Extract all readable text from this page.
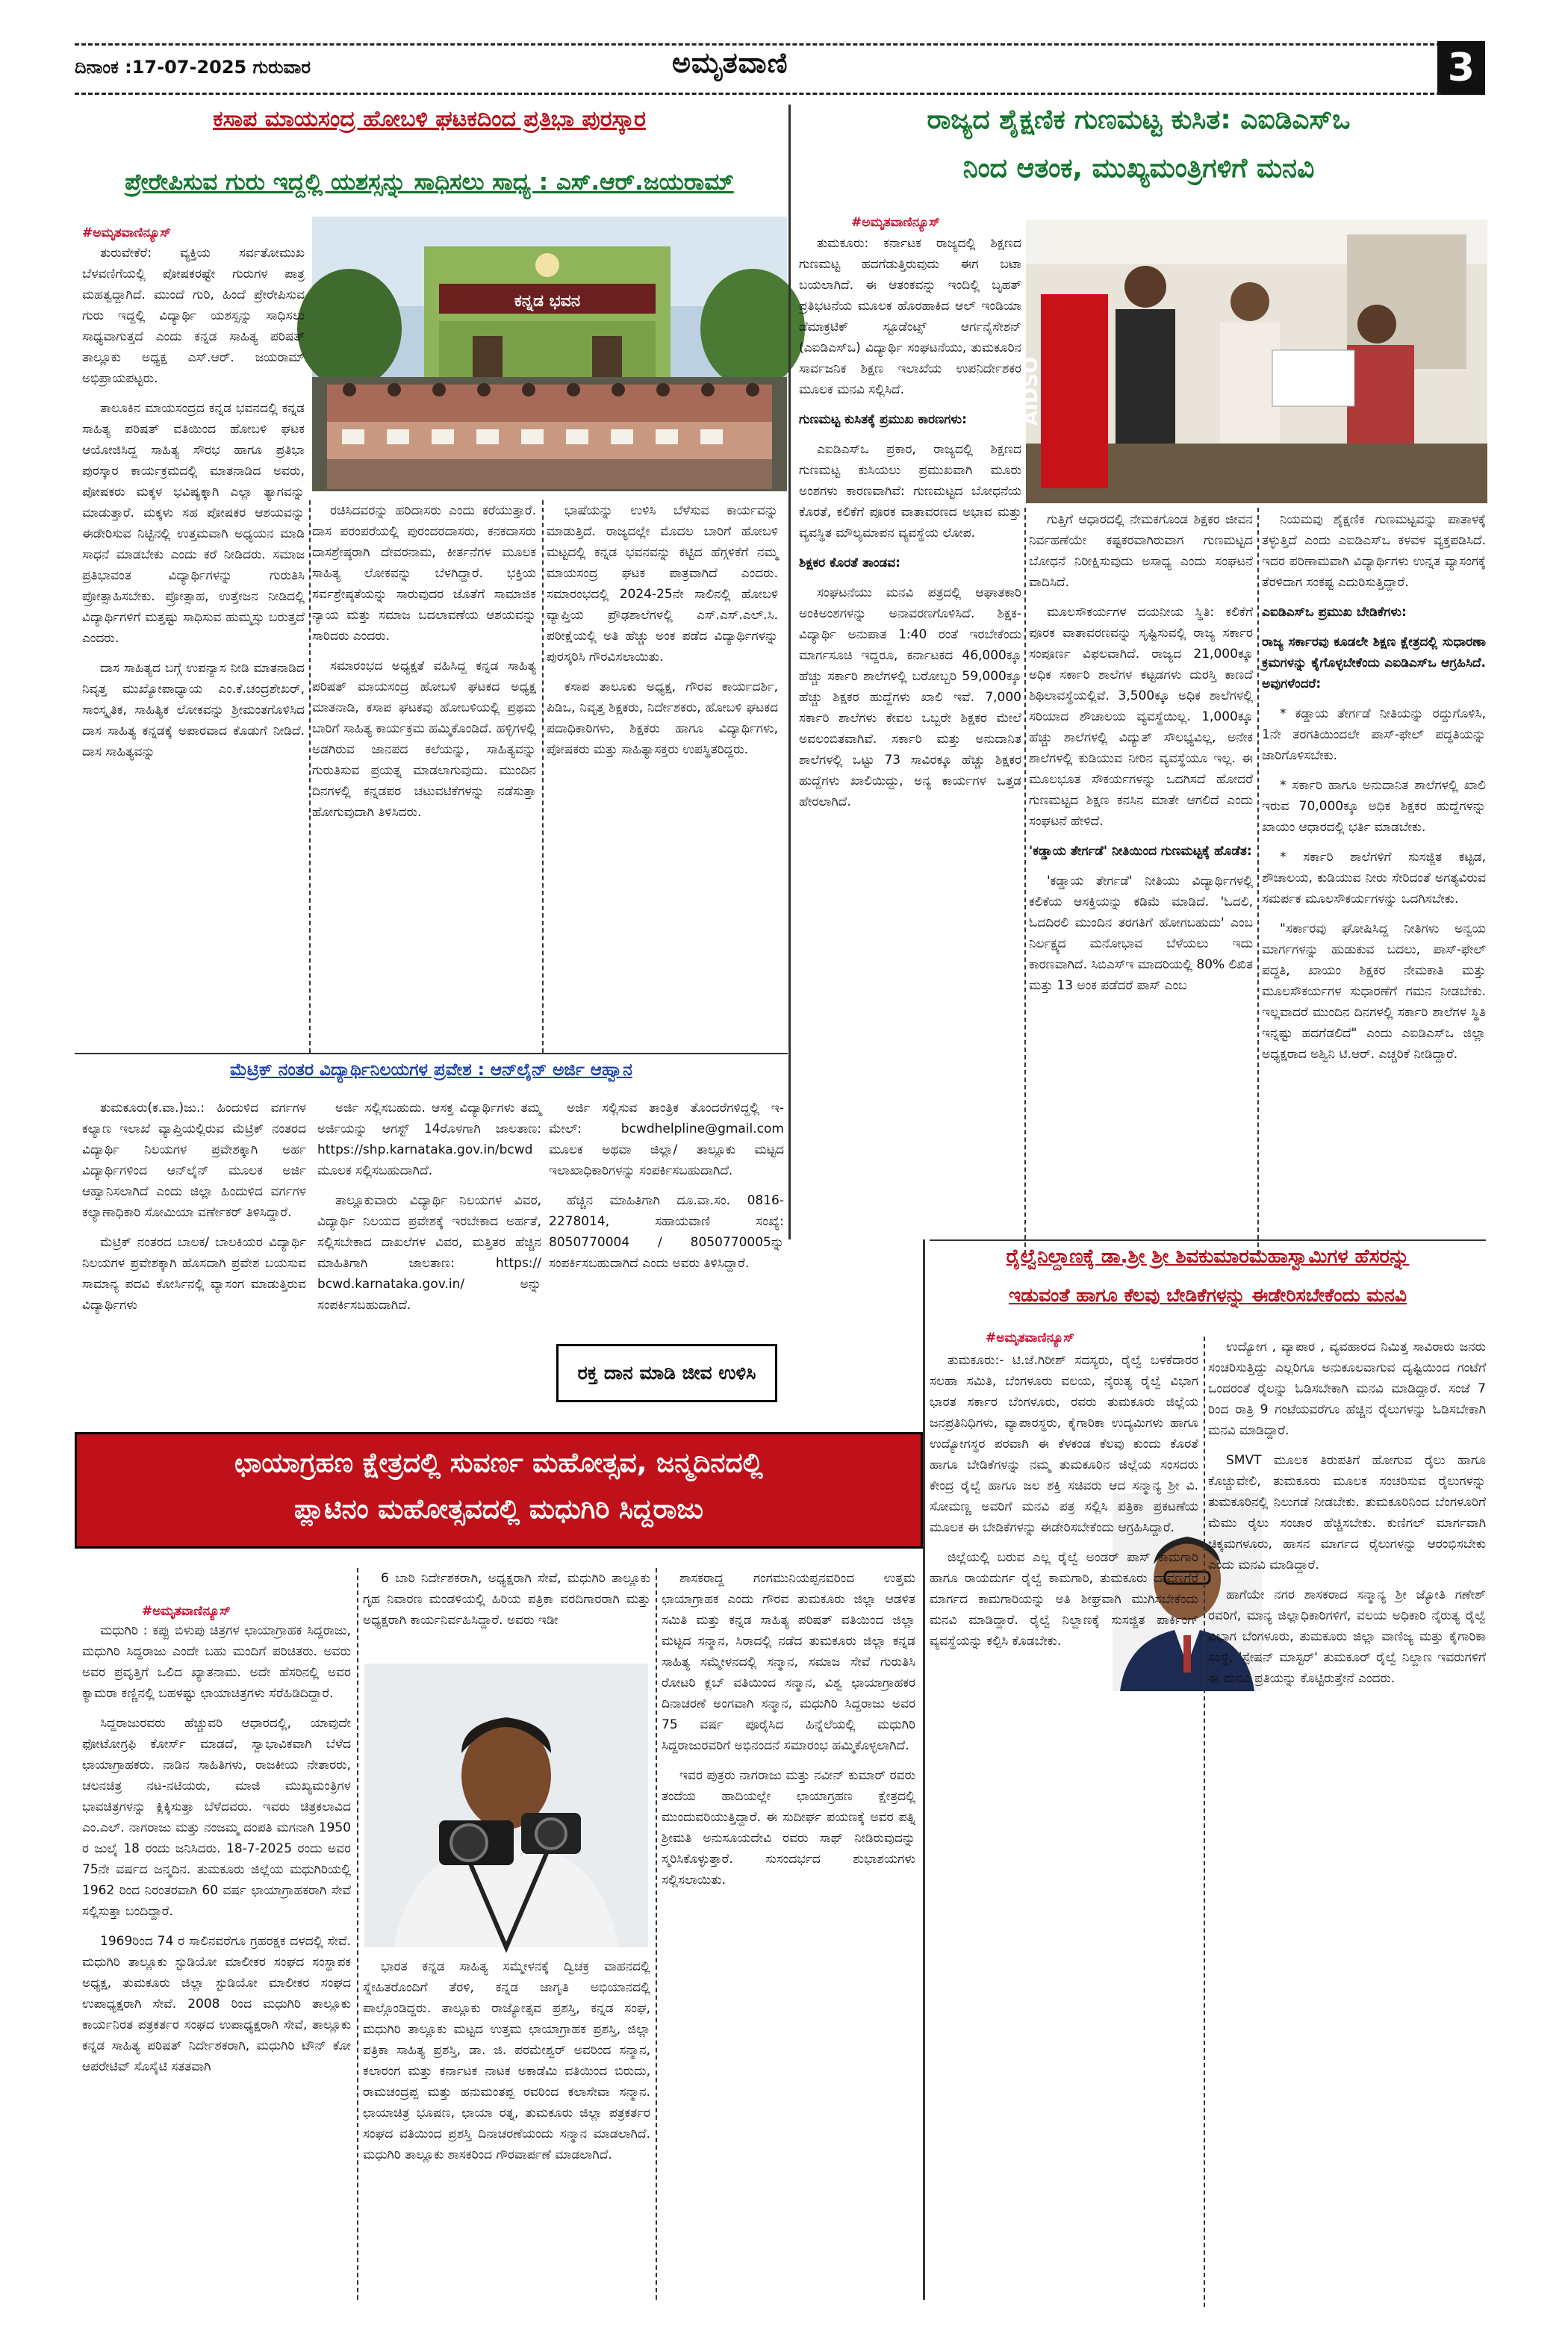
ದಿನಾಂಕ :17-07-2025 ಗುರುವಾರ	ಅಮೃತವಾಣಿ	3
ಕಸಾಪ ಮಾಯಸಂದ್ರ ಹೋಬಳಿ ಘಟಕದಿಂದ ಪ್ರತಿಭಾ ಪುರಸ್ಕಾರ
ಪ್ರೇರೇಪಿಸುವ ಗುರು ಇದ್ದಲ್ಲಿ ಯಶಸ್ಸನ್ನು ಸಾಧಿಸಲು ಸಾಧ್ಯ : ಎಸ್.ಆರ್.ಜಯರಾಮ್
#ಅಮೃತವಾಣಿನ್ಯೂಸ್
ಕನ್ನಡ ಭವನ

ತುರುವೇಕೆರೆ: ವ್ಯಕ್ತಿಯ ಸರ್ವತೋಮುಖ ಬೆಳವಣಿಗೆಯಲ್ಲಿ ಪೋಷಕರಷ್ಟೇ ಗುರುಗಳ ಪಾತ್ರ ಮಹತ್ವದ್ದಾಗಿದೆ. ಮುಂದೆ ಗುರಿ, ಹಿಂದೆ ಪ್ರೇರೇಪಿಸುವ ಗುರು ಇದ್ದಲ್ಲಿ ವಿದ್ಯಾರ್ಥಿ ಯಶಸ್ಸನ್ನು ಸಾಧಿಸಲು ಸಾಧ್ಯವಾಗುತ್ತದೆ ಎಂದು ಕನ್ನಡ ಸಾಹಿತ್ಯ ಪರಿಷತ್ ತಾಲ್ಲೂಕು ಅಧ್ಯಕ್ಷ ಎಸ್.ಆರ್. ಜಯರಾಮ್ ಅಭಿಪ್ರಾಯಪಟ್ಟರು.

ತಾಲೂಕಿನ ಮಾಯಸಂದ್ರದ ಕನ್ನಡ ಭವನದಲ್ಲಿ ಕನ್ನಡ ಸಾಹಿತ್ಯ ಪರಿಷತ್ ವತಿಯಿಂದ ಹೋಬಳಿ ಘಟಕ ಆಯೋಜಿಸಿದ್ದ ಸಾಹಿತ್ಯ ಸೌರಭ ಹಾಗೂ ಪ್ರತಿಭಾ ಪುರಸ್ಕಾರ ಕಾರ್ಯಕ್ರಮದಲ್ಲಿ ಮಾತನಾಡಿದ ಅವರು, ಪೋಷಕರು ಮಕ್ಕಳ ಭವಿಷ್ಯಕ್ಕಾಗಿ ಎಲ್ಲಾ ತ್ಯಾಗವನ್ನು ಮಾಡುತ್ತಾರೆ. ಮಕ್ಕಳು ಸಹ ಪೋಷಕರ ಆಶಯವನ್ನು ಈಡೇರಿಸುವ ನಿಟ್ಟಿನಲ್ಲಿ ಉತ್ತಮವಾಗಿ ಅಧ್ಯಯನ ಮಾಡಿ ಸಾಧನೆ ಮಾಡಬೇಕು ಎಂದು ಕರೆ ನೀಡಿದರು. ಸಮಾಜ ಪ್ರತಿಭಾವಂತ ವಿದ್ಯಾರ್ಥಿಗಳನ್ನು ಗುರುತಿಸಿ ಪ್ರೋತ್ಸಾಹಿಸಬೇಕು. ಪ್ರೋತ್ಸಾಹ, ಉತ್ತೇಜನ ನೀಡಿದಲ್ಲಿ ವಿದ್ಯಾರ್ಥಿಗಳಿಗೆ ಮತ್ತಷ್ಟು ಸಾಧಿಸುವ ಹುಮ್ಮಸ್ಸು ಬರುತ್ತದೆ ಎಂದರು.

ದಾಸ ಸಾಹಿತ್ಯದ ಬಗ್ಗೆ ಉಪನ್ಯಾಸ ನೀಡಿ ಮಾತನಾಡಿದ ನಿವೃತ್ತ ಮುಖ್ಯೋಪಾಧ್ಯಾಯ ಎಂ.ಕೆ.ಚಂದ್ರಶೇಖರ್, ಸಾಂಸ್ಕೃತಿಕ, ಸಾಹಿತ್ಯಿಕ ಲೋಕವನ್ನು ಶ್ರೀಮಂತಗೊಳಿಸಿದ ದಾಸ ಸಾಹಿತ್ಯ ಕನ್ನಡಕ್ಕೆ ಅಪಾರವಾದ ಕೊಡುಗೆ ನೀಡಿದೆ. ದಾಸ ಸಾಹಿತ್ಯವನ್ನು

ರಚಿಸಿದವರನ್ನು ಹರಿದಾಸರು ಎಂದು ಕರೆಯುತ್ತಾರೆ. ದಾಸ ಪರಂಪರೆಯಲ್ಲಿ ಪುರಂದರದಾಸರು, ಕನಕದಾಸರು ದಾಸಶ್ರೇಷ್ಠರಾಗಿ ದೇವರನಾಮ, ಕೀರ್ತನೆಗಳ ಮೂಲಕ ಸಾಹಿತ್ಯ ಲೋಕವನ್ನು ಬೆಳಗಿದ್ದಾರೆ. ಭಕ್ತಿಯ ಸರ್ವಶ್ರೇಷ್ಠತೆಯನ್ನು ಸಾರುವುದರ ಜೊತೆಗೆ ಸಾಮಾಜಿಕ ನ್ಯಾಯ ಮತ್ತು ಸಮಾಜ ಬದಲಾವಣೆಯ ಆಶಯವನ್ನು ಸಾರಿದರು ಎಂದರು.

ಸಮಾರಂಭದ ಅಧ್ಯಕ್ಷತೆ ವಹಿಸಿದ್ದ ಕನ್ನಡ ಸಾಹಿತ್ಯ ಪರಿಷತ್ ಮಾಯಸಂದ್ರ ಹೋಬಳಿ ಘಟಕದ ಅಧ್ಯಕ್ಷ ಮಾತನಾಡಿ, ಕಸಾಪ ಘಟಕವು ಹೋಬಳಿಯಲ್ಲಿ ಪ್ರಥಮ ಬಾರಿಗೆ ಸಾಹಿತ್ಯ ಕಾರ್ಯಕ್ರಮ ಹಮ್ಮಿಕೊಂಡಿದೆ. ಹಳ್ಳಿಗಳಲ್ಲಿ ಅಡಗಿರುವ ಜಾನಪದ ಕಲೆಯನ್ನು, ಸಾಹಿತ್ಯವನ್ನು ಗುರುತಿಸುವ ಪ್ರಯತ್ನ ಮಾಡಲಾಗುವುದು. ಮುಂದಿನ ದಿನಗಳಲ್ಲಿ ಕನ್ನಡಪರ ಚಟುವಟಿಕೆಗಳನ್ನು ನಡೆಸುತ್ತಾ ಹೋಗುವುದಾಗಿ ತಿಳಿಸಿದರು.

ಭಾಷೆಯನ್ನು ಉಳಿಸಿ ಬೆಳೆಸುವ ಕಾರ್ಯವನ್ನು ಮಾಡುತ್ತಿದೆ. ರಾಜ್ಯದಲ್ಲೇ ಮೊದಲ ಬಾರಿಗೆ ಹೋಬಳಿ ಮಟ್ಟದಲ್ಲಿ ಕನ್ನಡ ಭವನವನ್ನು ಕಟ್ಟಿದ ಹೆಗ್ಗಳಿಕೆಗೆ ನಮ್ಮ ಮಾಯಸಂದ್ರ ಘಟಕ ಪಾತ್ರವಾಗಿದೆ ಎಂದರು. ಸಮಾರಂಭದಲ್ಲಿ 2024-25ನೇ ಸಾಲಿನಲ್ಲಿ ಹೋಬಳಿ ವ್ಯಾಪ್ತಿಯ ಪ್ರೌಢಶಾಲೆಗಳಲ್ಲಿ ಎಸ್.ಎಸ್.ಎಲ್.ಸಿ. ಪರೀಕ್ಷೆಯಲ್ಲಿ ಅತಿ ಹೆಚ್ಚು ಅಂಕ ಪಡೆದ ವಿದ್ಯಾರ್ಥಿಗಳನ್ನು ಪುರಸ್ಕರಿಸಿ ಗೌರವಿಸಲಾಯಿತು.

ಕಸಾಪ ತಾಲೂಕು ಅಧ್ಯಕ್ಷ, ಗೌರವ ಕಾರ್ಯದರ್ಶಿ, ಪಿಡಿಒ, ನಿವೃತ್ತ ಶಿಕ್ಷಕರು, ನಿರ್ದೇಶಕರು, ಹೋಬಳಿ ಘಟಕದ ಪದಾಧಿಕಾರಿಗಳು, ಶಿಕ್ಷಕರು ಹಾಗೂ ವಿದ್ಯಾರ್ಥಿಗಳು, ಪೋಷಕರು ಮತ್ತು ಸಾಹಿತ್ಯಾಸಕ್ತರು ಉಪಸ್ಥಿತರಿದ್ದರು.

ರಾಜ್ಯದ ಶೈಕ್ಷಣಿಕ ಗುಣಮಟ್ಟ ಕುಸಿತ: ಎಐಡಿಎಸ್‌ಒ
ನಿಂದ ಆತಂಕ, ಮುಖ್ಯಮಂತ್ರಿಗಳಿಗೆ ಮನವಿ
#ಅಮೃತವಾಣಿನ್ಯೂಸ್
AIDSO

ತುಮಕೂರು: ಕರ್ನಾಟಕ ರಾಜ್ಯದಲ್ಲಿ ಶಿಕ್ಷಣದ ಗುಣಮಟ್ಟ ಹದಗೆಡುತ್ತಿರುವುದು ಈಗ ಬಟಾ ಬಯಲಾಗಿದೆ. ಈ ಆತಂಕವನ್ನು ಇಂದಿಲ್ಲಿ ಬೃಹತ್ ಪ್ರತಿಭಟನೆಯ ಮೂಲಕ ಹೊರಹಾಕಿದ ಆಲ್ ಇಂಡಿಯಾ ಡೆಮಾಕ್ರಟಿಕ್ ಸ್ಟೂಡೆಂಟ್ಸ್ ಆರ್ಗನೈಸೇಶನ್ (ಎಐಡಿಎಸ್‌ಒ) ವಿದ್ಯಾರ್ಥಿ ಸಂಘಟನೆಯು, ತುಮಕೂರಿನ ಸಾರ್ವಜನಿಕ ಶಿಕ್ಷಣ ಇಲಾಖೆಯ ಉಪನಿರ್ದೇಶಕರ ಮೂಲಕ ಮನವಿ ಸಲ್ಲಿಸಿದೆ.

ಗುಣಮಟ್ಟ ಕುಸಿತಕ್ಕೆ ಪ್ರಮುಖ ಕಾರಣಗಳು:

ಎಐಡಿಎಸ್‌ಒ ಪ್ರಕಾರ, ರಾಜ್ಯದಲ್ಲಿ ಶಿಕ್ಷಣದ ಗುಣಮಟ್ಟ ಕುಸಿಯಲು ಪ್ರಮುಖವಾಗಿ ಮೂರು ಅಂಶಗಳು ಕಾರಣವಾಗಿವೆ: ಗುಣಮಟ್ಟದ ಬೋಧನೆಯ ಕೊರತೆ, ಕಲಿಕೆಗೆ ಪೂರಕ ವಾತಾವರಣದ ಅಭಾವ ಮತ್ತು ವ್ಯವಸ್ಥಿತ ಮೌಲ್ಯಮಾಪನ ವ್ಯವಸ್ಥೆಯ ಲೋಪ.

ಶಿಕ್ಷಕರ ಕೊರತೆ ತಾಂಡವ:

ಸಂಘಟನೆಯು ಮನವಿ ಪತ್ರದಲ್ಲಿ ಆಘಾತಕಾರಿ ಅಂಕಿಅಂಶಗಳನ್ನು ಅನಾವರಣಗೊಳಿಸಿದೆ. ಶಿಕ್ಷಕ-ವಿದ್ಯಾರ್ಥಿ ಅನುಪಾತ 1:40 ರಂತೆ ಇರಬೇಕೆಂದು ಮಾರ್ಗಸೂಚಿ ಇದ್ದರೂ, ಕರ್ನಾಟಕದ 46,000ಕ್ಕೂ ಹೆಚ್ಚು ಸರ್ಕಾರಿ ಶಾಲೆಗಳಲ್ಲಿ ಬರೋಬ್ಬರಿ 59,000ಕ್ಕೂ ಹೆಚ್ಚು ಶಿಕ್ಷಕರ ಹುದ್ದೆಗಳು ಖಾಲಿ ಇವೆ. 7,000 ಸರ್ಕಾರಿ ಶಾಲೆಗಳು ಕೇವಲ ಒಬ್ಬರೇ ಶಿಕ್ಷಕರ ಮೇಲೆ ಅವಲಂಬಿತವಾಗಿವೆ. ಸರ್ಕಾರಿ ಮತ್ತು ಅನುದಾನಿತ ಶಾಲೆಗಳಲ್ಲಿ ಒಟ್ಟು 73 ಸಾವಿರಕ್ಕೂ ಹೆಚ್ಚು ಶಿಕ್ಷಕರ ಹುದ್ದೆಗಳು ಖಾಲಿಯಿದ್ದು, ಅನ್ಯ ಕಾರ್ಯಗಳ ಒತ್ತಡ ಹೇರಲಾಗಿದೆ.

ಗುತ್ತಿಗೆ ಆಧಾರದಲ್ಲಿ ನೇಮಕಗೊಂಡ ಶಿಕ್ಷಕರ ಜೀವನ ನಿರ್ವಹಣೆಯೇ ಕಷ್ಟಕರವಾಗಿರುವಾಗ ಗುಣಮಟ್ಟದ ಬೋಧನೆ ನಿರೀಕ್ಷಿಸುವುದು ಅಸಾಧ್ಯ ಎಂದು ಸಂಘಟನೆ ವಾದಿಸಿದೆ.

ಮೂಲಸೌಕರ್ಯಗಳ ದಯನೀಯ ಸ್ಥಿತಿ: ಕಲಿಕೆಗೆ ಪೂರಕ ವಾತಾವರಣವನ್ನು ಸೃಷ್ಟಿಸುವಲ್ಲಿ ರಾಜ್ಯ ಸರ್ಕಾರ ಸಂಪೂರ್ಣ ವಿಫಲವಾಗಿದೆ. ರಾಜ್ಯದ 21,000ಕ್ಕೂ ಅಧಿಕ ಸರ್ಕಾರಿ ಶಾಲೆಗಳ ಕಟ್ಟಡಗಳು ದುರಸ್ತಿ ಕಾಣದೆ ಶಿಥಿಲಾವಸ್ಥೆಯಲ್ಲಿವೆ. 3,500ಕ್ಕೂ ಅಧಿಕ ಶಾಲೆಗಳಲ್ಲಿ ಸರಿಯಾದ ಶೌಚಾಲಯ ವ್ಯವಸ್ಥೆಯಿಲ್ಲ. 1,000ಕ್ಕೂ ಹೆಚ್ಚು ಶಾಲೆಗಳಲ್ಲಿ ವಿದ್ಯುತ್ ಸೌಲಭ್ಯವಿಲ್ಲ, ಅನೇಕ ಶಾಲೆಗಳಲ್ಲಿ ಕುಡಿಯುವ ನೀರಿನ ವ್ಯವಸ್ಥೆಯೂ ಇಲ್ಲ. ಈ ಮೂಲಭೂತ ಸೌಕರ್ಯಗಳನ್ನು ಒದಗಿಸದೆ ಹೋದರೆ ಗುಣಮಟ್ಟದ ಶಿಕ್ಷಣ ಕನಸಿನ ಮಾತೇ ಆಗಲಿದೆ ಎಂದು ಸಂಘಟನೆ ಹೇಳಿದೆ.

'ಕಡ್ಡಾಯ ತೇರ್ಗಡೆ' ನೀತಿಯಿಂದ ಗುಣಮಟ್ಟಕ್ಕೆ ಹೊಡೆತ:

'ಕಡ್ಡಾಯ ತೇರ್ಗಡೆ' ನೀತಿಯು ವಿದ್ಯಾರ್ಥಿಗಳಲ್ಲಿ ಕಲಿಕೆಯ ಆಸಕ್ತಿಯನ್ನು ಕಡಿಮೆ ಮಾಡಿದೆ. 'ಓದಲಿ, ಓದದಿರಲಿ ಮುಂದಿನ ತರಗತಿಗೆ ಹೋಗಬಹುದು' ಎಂಬ ನಿರ್ಲಕ್ಷ್ಯದ ಮನೋಭಾವ ಬೆಳೆಯಲು ಇದು ಕಾರಣವಾಗಿದೆ. ಸಿಬಿಎಸ್‌ಇ ಮಾದರಿಯಲ್ಲಿ 80% ಲಿಖಿತ ಮತ್ತು 13 ಅಂಕ ಪಡೆದರೆ ಪಾಸ್ ಎಂಬ

ನಿಯಮವು ಶೈಕ್ಷಣಿಕ ಗುಣಮಟ್ಟವನ್ನು ಪಾತಾಳಕ್ಕೆ ತಳ್ಳುತ್ತಿದೆ ಎಂದು ಎಐಡಿಎಸ್‌ಒ ಕಳವಳ ವ್ಯಕ್ತಪಡಿಸಿದೆ. ಇದರ ಪರಿಣಾಮವಾಗಿ ವಿದ್ಯಾರ್ಥಿಗಳು ಉನ್ನತ ವ್ಯಾಸಂಗಕ್ಕೆ ತೆರಳಿದಾಗ ಸಂಕಷ್ಟ ಎದುರಿಸುತ್ತಿದ್ದಾರೆ.

ಎಐಡಿಎಸ್‌ಒ ಪ್ರಮುಖ ಬೇಡಿಕೆಗಳು:

ರಾಜ್ಯ ಸರ್ಕಾರವು ಕೂಡಲೇ ಶಿಕ್ಷಣ ಕ್ಷೇತ್ರದಲ್ಲಿ ಸುಧಾರಣಾ ಕ್ರಮಗಳನ್ನು ಕೈಗೊಳ್ಳಬೇಕೆಂದು ಎಐಡಿಎಸ್‌ಒ ಆಗ್ರಹಿಸಿದೆ. ಅವುಗಳೆಂದರೆ:

* ಕಡ್ಡಾಯ ತೇರ್ಗಡೆ ನೀತಿಯನ್ನು ರದ್ದುಗೊಳಿಸಿ, 1ನೇ ತರಗತಿಯಿಂದಲೇ ಪಾಸ್-ಫೇಲ್ ಪದ್ಧತಿಯನ್ನು ಜಾರಿಗೊಳಿಸಬೇಕು.

* ಸರ್ಕಾರಿ ಹಾಗೂ ಅನುದಾನಿತ ಶಾಲೆಗಳಲ್ಲಿ ಖಾಲಿ ಇರುವ 70,000ಕ್ಕೂ ಅಧಿಕ ಶಿಕ್ಷಕರ ಹುದ್ದೆಗಳನ್ನು ಖಾಯಂ ಆಧಾರದಲ್ಲಿ ಭರ್ತಿ ಮಾಡಬೇಕು.

* ಸರ್ಕಾರಿ ಶಾಲೆಗಳಿಗೆ ಸುಸಜ್ಜಿತ ಕಟ್ಟಡ, ಶೌಚಾಲಯ, ಕುಡಿಯುವ ನೀರು ಸೇರಿದಂತೆ ಅಗತ್ಯವಿರುವ ಸಮರ್ಪಕ ಮೂಲಸೌಕರ್ಯಗಳನ್ನು ಒದಗಿಸಬೇಕು.

"ಸರ್ಕಾರವು ಘೋಷಿಸಿದ್ದ ನೀತಿಗಳು ಅನ್ವಯ ಮಾರ್ಗಗಳನ್ನು ಹುಡುಕುವ ಬದಲು, ಪಾಸ್-ಫೇಲ್ ಪದ್ಧತಿ, ಖಾಯಂ ಶಿಕ್ಷಕರ ನೇಮಕಾತಿ ಮತ್ತು ಮೂಲಸೌಕರ್ಯಗಳ ಸುಧಾರಣೆಗೆ ಗಮನ ನೀಡಬೇಕು. ಇಲ್ಲವಾದರೆ ಮುಂದಿನ ದಿನಗಳಲ್ಲಿ ಸರ್ಕಾರಿ ಶಾಲೆಗಳ ಸ್ಥಿತಿ ಇನ್ನಷ್ಟು ಹದಗೆಡಲಿದೆ" ಎಂದು ಎಐಡಿಎಸ್‌ಒ ಜಿಲ್ಲಾ ಅಧ್ಯಕ್ಷರಾದ ಅಶ್ವಿನಿ ಟಿ.ಆರ್. ಎಚ್ಚರಿಕೆ ನೀಡಿದ್ದಾರೆ.

ಮೆಟ್ರಿಕ್ ನಂತರ ವಿದ್ಯಾರ್ಥಿನಿಲಯಗಳ ಪ್ರವೇಶ : ಆನ್‌ಲೈನ್ ಅರ್ಜಿ ಆಹ್ವಾನ

ತುಮಕೂರು(ಕ.ವಾ.)ಜು.: ಹಿಂದುಳಿದ ವರ್ಗಗಳ ಕಲ್ಯಾಣ ಇಲಾಖೆ ವ್ಯಾಪ್ತಿಯಲ್ಲಿರುವ ಮೆಟ್ರಿಕ್ ನಂತರದ ವಿದ್ಯಾರ್ಥಿ ನಿಲಯಗಳ ಪ್ರವೇಶಕ್ಕಾಗಿ ಅರ್ಹ ವಿದ್ಯಾರ್ಥಿಗಳಿಂದ ಆನ್‌ಲೈನ್ ಮೂಲಕ ಅರ್ಜಿ ಆಹ್ವಾನಿಸಲಾಗಿದೆ ಎಂದು ಜಿಲ್ಲಾ ಹಿಂದುಳಿದ ವರ್ಗಗಳ ಕಲ್ಯಾಣಾಧಿಕಾರಿ ಸೋಮಿಯಾ ವರ್ಣೇಕರ್ ತಿಳಿಸಿದ್ದಾರೆ.

ಮೆಟ್ರಿಕ್ ನಂತರದ ಬಾಲಕ/ ಬಾಲಕಿಯರ ವಿದ್ಯಾರ್ಥಿ ನಿಲಯಗಳ ಪ್ರವೇಶಕ್ಕಾಗಿ ಹೊಸದಾಗಿ ಪ್ರವೇಶ ಬಯಸುವ ಸಾಮಾನ್ಯ ಪದವಿ ಕೋರ್ಸಿನಲ್ಲಿ ವ್ಯಾಸಂಗ ಮಾಡುತ್ತಿರುವ ವಿದ್ಯಾರ್ಥಿಗಳು

ಅರ್ಜಿ ಸಲ್ಲಿಸಬಹುದು. ಆಸಕ್ತ ವಿದ್ಯಾರ್ಥಿಗಳು ತಮ್ಮ ಅರ್ಜಿಯನ್ನು ಆಗಸ್ಟ್ 14ರೊಳಗಾಗಿ ಜಾಲತಾಣ: https://shp.karnataka.gov.in/bcwd ಮೂಲಕ ಸಲ್ಲಿಸಬಹುದಾಗಿದೆ.

ತಾಲ್ಲೂಕುವಾರು ವಿದ್ಯಾರ್ಥಿ ನಿಲಯಗಳ ವಿವರ, ವಿದ್ಯಾರ್ಥಿ ನಿಲಯದ ಪ್ರವೇಶಕ್ಕೆ ಇರಬೇಕಾದ ಅರ್ಹತೆ, ಸಲ್ಲಿಸಬೇಕಾದ ದಾಖಲೆಗಳ ವಿವರ, ಮತ್ತಿತರ ಹೆಚ್ಚಿನ ಮಾಹಿತಿಗಾಗಿ ಜಾಲತಾಣ: https:// bcwd.karnataka.gov.in/ ಅನ್ನು ಸಂಪರ್ಕಿಸಬಹುದಾಗಿದೆ.

ಅರ್ಜಿ ಸಲ್ಲಿಸುವ ತಾಂತ್ರಿಕ ತೊಂದರೆಗಳಿದ್ದಲ್ಲಿ ಇ-ಮೇಲ್: bcwdhelpline@gmail.com ಮೂಲಕ ಅಥವಾ ಜಿಲ್ಲಾ/ ತಾಲ್ಲೂಕು ಮಟ್ಟದ ಇಲಾಖಾಧಿಕಾರಿಗಳನ್ನು ಸಂಪರ್ಕಿಸಬಹುದಾಗಿದೆ.

ಹೆಚ್ಚಿನ ಮಾಹಿತಿಗಾಗಿ ದೂ.ವಾ.ಸಂ. 0816-2278014, ಸಹಾಯವಾಣಿ ಸಂಖ್ಯೆ: 8050770004 / 8050770005ನ್ನು ಸಂಪರ್ಕಿಸಬಹುದಾಗಿದೆ ಎಂದು ಅವರು ತಿಳಿಸಿದ್ದಾರೆ.

ರಕ್ತ ದಾನ ಮಾಡಿ ಜೀವ ಉಳಿಸಿ
ರೈಲ್ವೆನಿಲ್ದಾಣಕ್ಕೆ ಡಾ.ಶ್ರೀ ಶ್ರೀ ಶಿವಕುಮಾರಮಹಾಸ್ವಾಮಿಗಳ ಹೆಸರನ್ನು
ಇಡುವಂತೆ ಹಾಗೂ ಕೆಲವು ಬೇಡಿಕೆಗಳನ್ನು ಈಡೇರಿಸಬೇಕೆಂದು ಮನವಿ
#ಅಮೃತವಾಣಿನ್ಯೂಸ್

ತುಮಕೂರು:- ಟಿ.ಜೆ.ಗಿರೀಶ್ ಸದಸ್ಯರು, ರೈಲ್ವೆ ಬಳಕೆದಾರರ ಸಲಹಾ ಸಮಿತಿ, ಬೆಂಗಳೂರು ವಲಯ, ನೈರುತ್ಯ ರೈಲ್ವೆ ವಿಭಾಗ ಭಾರತ ಸರ್ಕಾರ ಬೆಂಗಳೂರು, ರವರು ತುಮಕೂರು ಜಿಲ್ಲೆಯ ಜನಪ್ರತಿನಿಧಿಗಳು, ವ್ಯಾಪಾರಸ್ಥರು, ಕೈಗಾರಿಕಾ ಉದ್ಯಮಿಗಳು ಹಾಗೂ ಉದ್ಯೋಗಸ್ಥರ ಪರವಾಗಿ ಈ ಕೆಳಕಂಡ ಕೆಲವು ಕುಂದು ಕೊರತೆ ಹಾಗೂ ಬೇಡಿಕೆಗಳನ್ನು ನಮ್ಮ ತುಮಕೂರಿನ ಜಿಲ್ಲೆಯ ಸಂಸದರು ಕೇಂದ್ರ ರೈಲ್ವೆ ಹಾಗೂ ಜಲ ಶಕ್ತಿ ಸಚಿವರು ಆದ ಸನ್ಮಾನ್ಯ ಶ್ರೀ ವಿ. ಸೋಮಣ್ಣ ಅವರಿಗೆ ಮನವಿ ಪತ್ರ ಸಲ್ಲಿಸಿ ಪತ್ರಿಕಾ ಪ್ರಕಟಣೆಯ ಮೂಲಕ ಈ ಬೇಡಿಕೆಗಳನ್ನು ಈಡೇರಿಸಬೇಕೆಂದು ಆಗ್ರಹಿಸಿದ್ದಾರೆ.

ಜಿಲ್ಲೆಯಲ್ಲಿ ಬರುವ ಎಲ್ಲ ರೈಲ್ವೆ ಅಂಡರ್ ಪಾಸ್ ಕಾಮಗಾರಿ ಹಾಗೂ ರಾಯದುರ್ಗ ರೈಲ್ವೆ ಕಾಮಗಾರಿ, ತುಮಕೂರು ದಾವಣಗೆರೆ ಮಾರ್ಗದ ಕಾಮಗಾರಿಯನ್ನು ಅತಿ ಶೀಘ್ರವಾಗಿ ಮುಗಿಸಬೇಕೆಂದು ಮನವಿ ಮಾಡಿದ್ದಾರೆ. ರೈಲ್ವೆ ನಿಲ್ದಾಣಕ್ಕೆ ಸುಸಜ್ಜಿತ ಪಾರ್ಕಿಂಗ್ ವ್ಯವಸ್ಥೆಯನ್ನು ಕಲ್ಪಿಸಿ ಕೊಡಬೇಕು.

ಉದ್ಯೋಗ , ವ್ಯಾಪಾರ , ವ್ಯವಹಾರದ ನಿಮಿತ್ತ ಸಾವಿರಾರು ಜನರು ಸಂಚರಿಸುತ್ತಿದ್ದು ಎಲ್ಲರಿಗೂ ಅನುಕೂಲವಾಗುವ ದೃಷ್ಟಿಯಿಂದ ಗಂಟೆಗೆ ಒಂದರಂತೆ ರೈಲನ್ನು ಓಡಿಸಬೇಕಾಗಿ ಮನವಿ ಮಾಡಿದ್ದಾರೆ. ಸಂಜೆ 7 ರಿಂದ ರಾತ್ರಿ 9 ಗಂಟೆಯವರೆಗೂ ಹೆಚ್ಚಿನ ರೈಲುಗಳನ್ನು ಓಡಿಸಬೇಕಾಗಿ ಮನವಿ ಮಾಡಿದ್ದಾರೆ.

SMVT ಮೂಲಕ ತಿರುಪತಿಗೆ ಹೋಗುವ ರೈಲು ಹಾಗೂ ಕೊಚ್ಚುವೇಲಿ, ತುಮಕೂರು ಮೂಲಕ ಸಂಚರಿಸುವ ರೈಲುಗಳನ್ನು ತುಮಕೂರಿನಲ್ಲಿ ನಿಲುಗಡೆ ನೀಡಬೇಕು. ತುಮಕೂರಿನಿಂದ ಬೆಂಗಳೂರಿಗೆ ಮೆಮು ರೈಲು ಸಂಚಾರ ಹೆಚ್ಚಿಸಬೇಕು. ಕುಣಿಗಲ್ ಮಾರ್ಗವಾಗಿ ಚಿಕ್ಕಮಗಳೂರು, ಹಾಸನ ಮಾರ್ಗದ ರೈಲುಗಳನ್ನು ಆರಂಭಿಸಬೇಕು ಎಂದು ಮನವಿ ಮಾಡಿದ್ದಾರೆ.

ಹಾಗೆಯೇ ನಗರ ಶಾಸಕರಾದ ಸನ್ಮಾನ್ಯ ಶ್ರೀ ಜ್ಯೋತಿ ಗಣೇಶ್ ರವರಿಗೆ, ಮಾನ್ಯ ಜಿಲ್ಲಾಧಿಕಾರಿಗಳಿಗೆ, ವಲಯ ಅಧಿಕಾರಿ ನೈರುತ್ಯ ರೈಲ್ವೆ ವಿಭಾಗ ಬೆಂಗಳೂರು, ತುಮಕೂರು ಜಿಲ್ಲಾ ವಾಣಿಜ್ಯ ಮತ್ತು ಕೈಗಾರಿಕಾ ಸಂಸ್ಥೆ, 'ಸ್ಪೇಷನ್ ಮಾಸ್ಟರ್' ತುಮಕೂರ್ ರೈಲ್ವೆ ನಿಲ್ದಾಣ ಇವರುಗಳಿಗೆ ಈ ಮನವಿ ಪ್ರತಿಯನ್ನು ಕೊಟ್ಟಿರುತ್ತೇನೆ ಎಂದರು.

ಛಾಯಾಗ್ರಹಣ ಕ್ಷೇತ್ರದಲ್ಲಿ ಸುವರ್ಣ ಮಹೋತ್ಸವ, ಜನ್ಮದಿನದಲ್ಲಿ
ಪ್ಲಾಟಿನಂ ಮಹೋತ್ಸವದಲ್ಲಿ ಮಧುಗಿರಿ ಸಿದ್ದರಾಜು
#ಅಮೃತವಾಣಿನ್ಯೂಸ್

ಮಧುಗಿರಿ : ಕಪ್ಪು ಬಿಳುಪು ಚಿತ್ರಗಳ ಛಾಯಾಗ್ರಾಹಕ ಸಿದ್ದರಾಜು, ಮಧುಗಿರಿ ಸಿದ್ದರಾಜು ಎಂದೇ ಬಹು ಮಂದಿಗೆ ಪರಿಚಿತರು. ಅವರು ಅವರ ಪ್ರವೃತ್ತಿಗೆ ಒಲಿದ ಖ್ಯಾತನಾಮ. ಅದೇ ಹೆಸರಿನಲ್ಲಿ ಅವರ ಕ್ಯಾಮರಾ ಕಣ್ಣಿನಲ್ಲಿ ಬಹಳಷ್ಟು ಛಾಯಾಚಿತ್ರಗಳು ಸೆರೆಹಿಡಿದಿದ್ದಾರೆ.

ಸಿದ್ದರಾಜುರವರು ಹೆಚ್ಚುವರಿ ಆಧಾರದಲ್ಲಿ, ಯಾವುದೇ ಫೋಟೋಗ್ರಫಿ ಕೋರ್ಸ್ ಮಾಡದೆ, ಸ್ವಾಭಾವಿಕವಾಗಿ ಬೆಳೆದ ಛಾಯಾಗ್ರಾಹಕರು. ನಾಡಿನ ಸಾಹಿತಿಗಳು, ರಾಜಕೀಯ ನೇತಾರರು, ಚಲನಚಿತ್ರ ನಟ-ನಟಿಯರು, ಮಾಜಿ ಮುಖ್ಯಮಂತ್ರಿಗಳ ಭಾವಚಿತ್ರಗಳನ್ನು ಕ್ಲಿಕ್ಕಿಸುತ್ತಾ ಬೆಳೆದವರು. ಇವರು ಚಿತ್ರಕಲಾವಿದ ಎಂ.ಎಲ್. ನಾಗರಾಜು ಮತ್ತು ನಂಜಮ್ಮ ದಂಪತಿ ಮಗನಾಗಿ 1950 ರ ಜುಲೈ 18 ರಂದು ಜನಿಸಿದರು. 18-7-2025 ರಂದು ಅವರ 75ನೇ ವರ್ಷದ ಜನ್ಮದಿನ. ತುಮಕೂರು ಜಿಲ್ಲೆಯ ಮಧುಗಿರಿಯಲ್ಲಿ 1962 ರಿಂದ ನಿರಂತರವಾಗಿ 60 ವರ್ಷ ಛಾಯಾಗ್ರಾಹಕರಾಗಿ ಸೇವೆ ಸಲ್ಲಿಸುತ್ತಾ ಬಂದಿದ್ದಾರೆ.

1969ರಿಂದ 74 ರ ಸಾಲಿನವರೆಗೂ ಗ್ರಹರಕ್ಷಕ ದಳದಲ್ಲಿ ಸೇವೆ. ಮಧುಗಿರಿ ತಾಲ್ಲೂಕು ಸ್ಟುಡಿಯೋ ಮಾಲೀಕರ ಸಂಘದ ಸಂಸ್ಥಾಪಕ ಅಧ್ಯಕ್ಷ, ತುಮಕೂರು ಜಿಲ್ಲಾ ಸ್ಟುಡಿಯೋ ಮಾಲೀಕರ ಸಂಘದ ಉಪಾಧ್ಯಕ್ಷರಾಗಿ ಸೇವೆ. 2008 ರಿಂದ ಮಧುಗಿರಿ ತಾಲ್ಲೂಕು ಕಾರ್ಯನಿರತ ಪತ್ರಕರ್ತರ ಸಂಘದ ಉಪಾಧ್ಯಕ್ಷರಾಗಿ ಸೇವೆ, ತಾಲ್ಲೂಕು ಕನ್ನಡ ಸಾಹಿತ್ಯ ಪರಿಷತ್ ನಿರ್ದೇಶಕರಾಗಿ, ಮಧುಗಿರಿ ಟೌನ್ ಕೋ ಆಪರೇಟಿವ್ ಸೊಸೈಟಿ ಸತತವಾಗಿ

6 ಬಾರಿ ನಿರ್ದೇಶಕರಾಗಿ, ಅಧ್ಯಕ್ಷರಾಗಿ ಸೇವೆ, ಮಧುಗಿರಿ ತಾಲ್ಲೂಕು ಗೃಹ ನಿವಾರಣ ಮಂಡಳಿಯಲ್ಲಿ ಹಿರಿಯ ಪತ್ರಿಕಾ ವರದಿಗಾರರಾಗಿ ಮತ್ತು ಅಧ್ಯಕ್ಷರಾಗಿ ಕಾರ್ಯನಿರ್ವಹಿಸಿದ್ದಾರೆ. ಅವರು ಇಡೀ

ಭಾರತ ಕನ್ನಡ ಸಾಹಿತ್ಯ ಸಮ್ಮೇಳನಕ್ಕೆ ದ್ವಿಚಕ್ರ ವಾಹನದಲ್ಲಿ ಸ್ನೇಹಿತರೊಂದಿಗೆ ತೆರಳಿ, ಕನ್ನಡ ಜಾಗೃತಿ ಅಭಿಯಾನದಲ್ಲಿ ಪಾಲ್ಗೊಂಡಿದ್ದರು. ತಾಲ್ಲೂಕು ರಾಜ್ಯೋತ್ಸವ ಪ್ರಶಸ್ತಿ, ಕನ್ನಡ ಸಂಘ, ಮಧುಗಿರಿ ತಾಲ್ಲೂಕು ಮಟ್ಟದ ಉತ್ತಮ ಛಾಯಾಗ್ರಾಹಕ ಪ್ರಶಸ್ತಿ, ಜಿಲ್ಲಾ ಪತ್ರಿಕಾ ಸಾಹಿತ್ಯ ಪ್ರಶಸ್ತಿ, ಡಾ. ಜಿ. ಪರಮೇಶ್ವರ್ ಅವರಿಂದ ಸನ್ಮಾನ, ಕಲಾರಂಗ ಮತ್ತು ಕರ್ನಾಟಕ ನಾಟಕ ಅಕಾಡೆಮಿ ವತಿಯಿಂದ ಬಿರುದು, ರಾಮಚಂದ್ರಪ್ಪ ಮತ್ತು ಹನುಮಂತಪ್ಪ ರವರಿಂದ ಕಲಾಸೇವಾ ಸನ್ಮಾನ. ಛಾಯಾಚಿತ್ರ ಭೂಷಣ, ಛಾಯಾ ರತ್ನ, ತುಮಕೂರು ಜಿಲ್ಲಾ ಪತ್ರಕರ್ತರ ಸಂಘದ ವತಿಯಿಂದ ಪ್ರಶಸ್ತಿ ದಿನಾಚರಣೆಯಂದು ಸನ್ಮಾನ ಮಾಡಲಾಗಿದೆ. ಮಧುಗಿರಿ ತಾಲ್ಲೂಕು ಶಾಸಕರಿಂದ ಗೌರವಾರ್ಪಣೆ ಮಾಡಲಾಗಿದೆ.

ಶಾಸಕರಾದ್ದ ಗಂಗಮುನಿಯಪ್ಪನವರಿಂದ ಉತ್ತಮ ಛಾಯಾಗ್ರಾಹಕ ಎಂದು ಗೌರವ ತುಮಕೂರು ಜಿಲ್ಲಾ ಆಡಳಿತ ಸಮಿತಿ ಮತ್ತು ಕನ್ನಡ ಸಾಹಿತ್ಯ ಪರಿಷತ್ ವತಿಯಿಂದ ಜಿಲ್ಲಾ ಮಟ್ಟದ ಸನ್ಮಾನ, ಸಿರಾದಲ್ಲಿ ನಡೆದ ತುಮಕೂರು ಜಿಲ್ಲಾ ಕನ್ನಡ ಸಾಹಿತ್ಯ ಸಮ್ಮೇಳನದಲ್ಲಿ ಸನ್ಮಾನ, ಸಮಾಜ ಸೇವೆ ಗುರುತಿಸಿ ರೋಟರಿ ಕ್ಲಬ್ ವತಿಯಿಂದ ಸನ್ಮಾನ, ವಿಶ್ವ ಛಾಯಾಗ್ರಾಹಕರ ದಿನಾಚರಣೆ ಅಂಗವಾಗಿ ಸನ್ಮಾನ, ಮಧುಗಿರಿ ಸಿದ್ದರಾಜು ಅವರ 75 ವರ್ಷ ಪೂರೈಸಿದ ಹಿನ್ನೆಲೆಯಲ್ಲಿ ಮಧುಗಿರಿ ಸಿದ್ದರಾಜುರವರಿಗೆ ಅಭಿನಂದನೆ ಸಮಾರಂಭ ಹಮ್ಮಿಕೊಳ್ಳಲಾಗಿದೆ.

ಇವರ ಪುತ್ರರು ನಾಗರಾಜು ಮತ್ತು ನವೀನ್ ಕುಮಾರ್ ರವರು ತಂದೆಯ ಹಾದಿಯಲ್ಲೇ ಛಾಯಾಗ್ರಹಣ ಕ್ಷೇತ್ರದಲ್ಲಿ ಮುಂದುವರಿಯುತ್ತಿದ್ದಾರೆ. ಈ ಸುದೀರ್ಘ ಪಯಣಕ್ಕೆ ಅವರ ಪತ್ನಿ ಶ್ರೀಮತಿ ಅನುಸೂಯದೇವಿ ರವರು ಸಾಥ್ ನೀಡಿರುವುದನ್ನು ಸ್ಮರಿಸಿಕೊಳ್ಳುತ್ತಾರೆ. ಸುಸಂದರ್ಭದ ಶುಭಾಶಯಗಳು ಸಲ್ಲಿಸಲಾಯಿತು.
